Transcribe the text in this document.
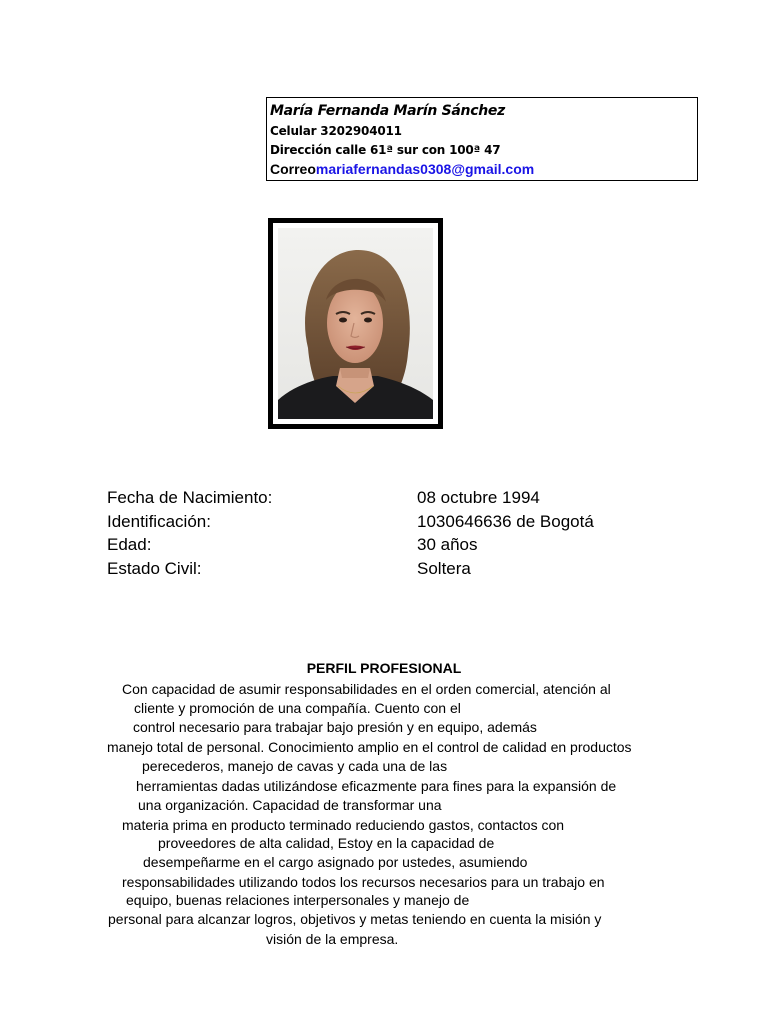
María Fernanda Marín Sánchez
Celular 3202904011
Dirección calle 61ª sur con 100ª 47
Correomariafernandas0308@gmail.com
Fecha de Nacimiento:	08 octubre 1994
Identificación:	1030646636 de Bogotá
Edad:	30 años
Estado Civil:	Soltera
PERFIL PROFESIONAL
Con capacidad de asumir responsabilidades en el orden comercial, atención al
cliente y promoción de una compañía. Cuento con el
control necesario para trabajar bajo presión y en equipo, además
manejo total de personal. Conocimiento amplio en el control de calidad en productos
perecederos, manejo de cavas y cada una de las
herramientas dadas utilizándose eficazmente para fines para la expansión de
una organización. Capacidad de transformar una
materia prima en producto terminado reduciendo gastos, contactos con
proveedores de alta calidad, Estoy en la capacidad de
desempeñarme en el cargo asignado por ustedes, asumiendo
responsabilidades utilizando todos los recursos necesarios para un trabajo en
equipo, buenas relaciones interpersonales y manejo de
personal para alcanzar logros, objetivos y metas teniendo en cuenta la misión y
visión de la empresa.
